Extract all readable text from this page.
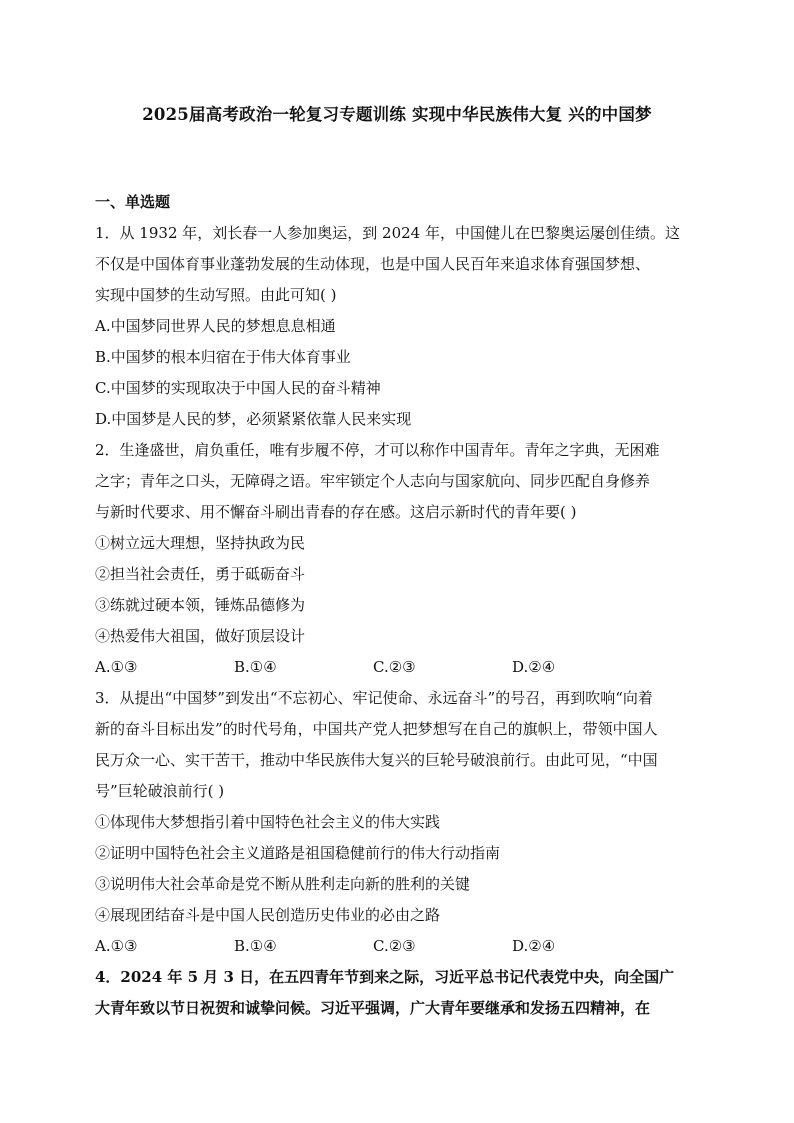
2025届高考政治一轮复习专题训练 实现中华民族伟大复 兴的中国梦
一、单选题
1．从 1932 年，刘长春一人参加奥运，到 2024 年，中国健儿在巴黎奥运屡创佳绩。这
不仅是中国体育事业蓬勃发展的生动体现，也是中国人民百年来追求体育强国梦想、
实现中国梦的生动写照。由此可知( )
A.中国梦同世界人民的梦想息息相通
B.中国梦的根本归宿在于伟大体育事业
C.中国梦的实现取决于中国人民的奋斗精神
D.中国梦是人民的梦，必须紧紧依靠人民来实现
2．生逢盛世，肩负重任，唯有步履不停，才可以称作中国青年。青年之字典，无困难
之字；青年之口头，无障碍之语。牢牢锁定个人志向与国家航向、同步匹配自身修养
与新时代要求、用不懈奋斗刷出青春的存在感。这启示新时代的青年要( )
①树立远大理想，坚持执政为民
②担当社会责任，勇于砥砺奋斗
③练就过硬本领，锤炼品德修为
④热爱伟大祖国，做好顶层设计
A.①③	B.①④	C.②③	D.②④
3．从提出“中国梦”到发出“不忘初心、牢记使命、永远奋斗”的号召，再到吹响“向着
新的奋斗目标出发”的时代号角，中国共产党人把梦想写在自己的旗帜上，带领中国人
民万众一心、实干苦干，推动中华民族伟大复兴的巨轮号破浪前行。由此可见，“中国
号”巨轮破浪前行( )
①体现伟大梦想指引着中国特色社会主义的伟大实践
②证明中国特色社会主义道路是祖国稳健前行的伟大行动指南
③说明伟大社会革命是党不断从胜利走向新的胜利的关键
④展现团结奋斗是中国人民创造历史伟业的必由之路
A.①③	B.①④	C.②③	D.②④
4．2024 年 5 月 3 日，在五四青年节到来之际，习近平总书记代表党中央，向全国广
大青年致以节日祝贺和诚挚问候。习近平强调，广大青年要继承和发扬五四精神，在
